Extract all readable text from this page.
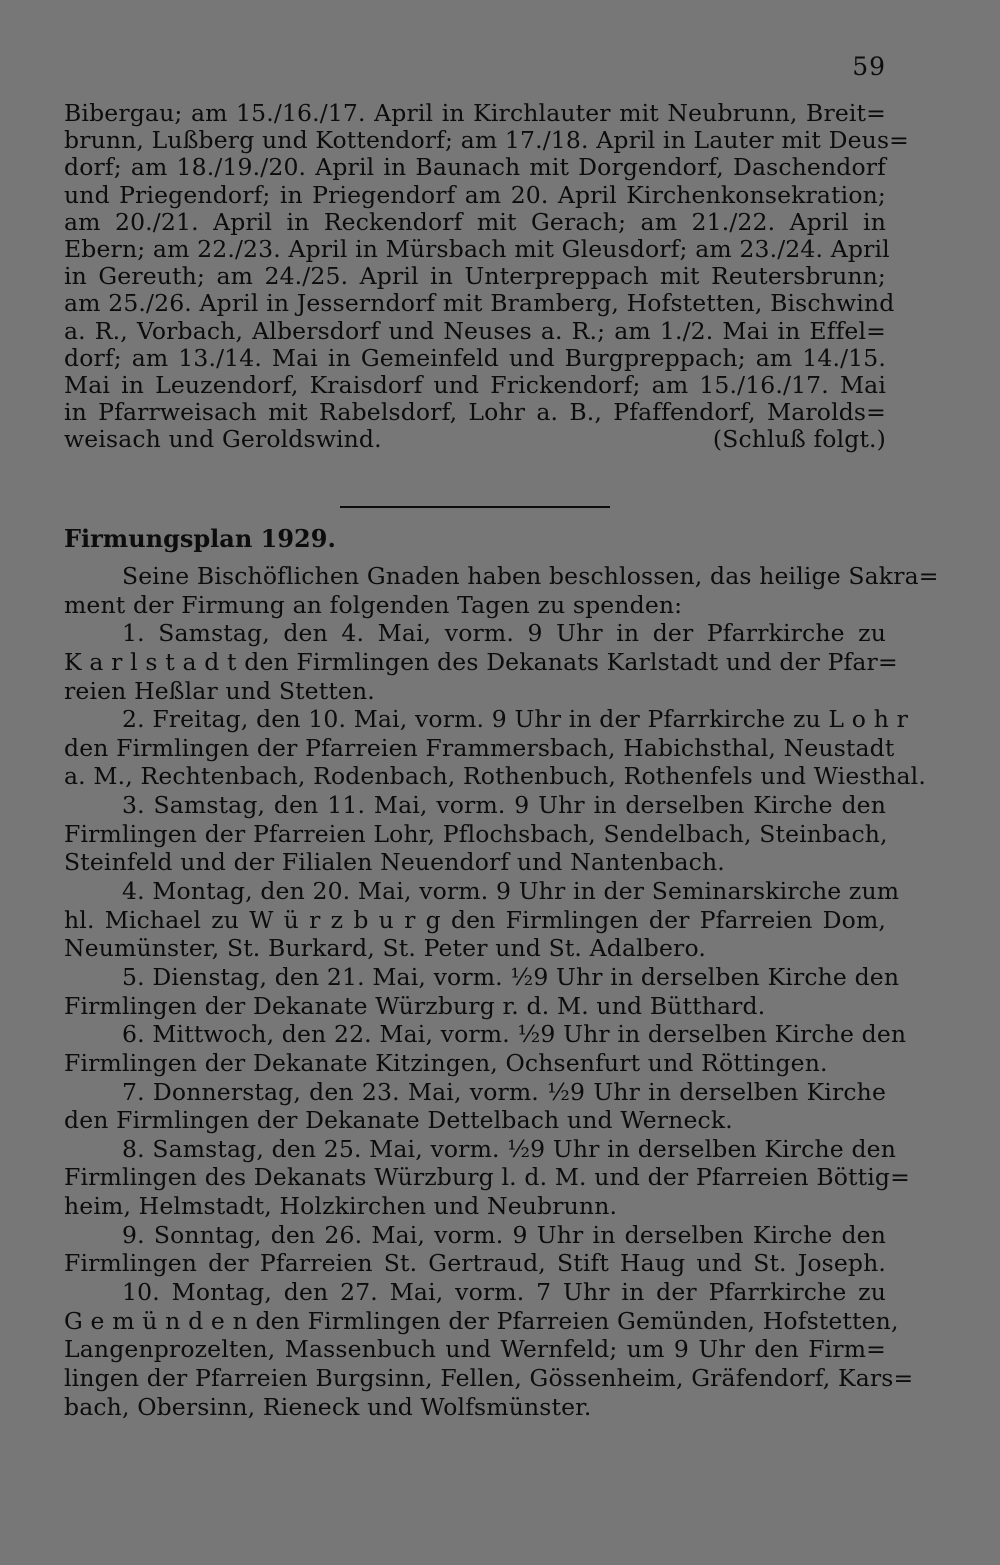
59
Bibergau; am 15./16./17. April in Kirchlauter mit Neubrunn, Breit=
brunn, Lußberg und Kottendorf; am 17./18. April in Lauter mit Deus=
dorf; am 18./19./20. April in Baunach mit Dorgendorf, Daschendorf
und Priegendorf; in Priegendorf am 20. April Kirchenkonsekration;
am 20./21. April in Reckendorf mit Gerach; am 21./22. April in
Ebern; am 22./23. April in Mürsbach mit Gleusdorf; am 23./24. April
in Gereuth; am 24./25. April in Unterpreppach mit Reutersbrunn;
am 25./26. April in Jesserndorf mit Bramberg, Hofstetten, Bischwind
a. R., Vorbach, Albersdorf und Neuses a. R.; am 1./2. Mai in Effel=
dorf; am 13./14. Mai in Gemeinfeld und Burgpreppach; am 14./15.
Mai in Leuzendorf, Kraisdorf und Frickendorf; am 15./16./17. Mai
in Pfarrweisach mit Rabelsdorf, Lohr a. B., Pfaffendorf, Marolds=
weisach und Geroldswind.	(Schluß folgt.)
Firmungsplan 1929.
Seine Bischöflichen Gnaden haben beschlossen, das heilige Sakra=
ment der Firmung an folgenden Tagen zu spenden:
1. Samstag, den 4. Mai, vorm. 9 Uhr in der Pfarrkirche zu
K a r l s t a d t den Firmlingen des Dekanats Karlstadt und der Pfar=
reien Heßlar und Stetten.
2. Freitag, den 10. Mai, vorm. 9 Uhr in der Pfarrkirche zu L o h r
den Firmlingen der Pfarreien Frammersbach, Habichsthal, Neustadt
a. M., Rechtenbach, Rodenbach, Rothenbuch, Rothenfels und Wiesthal.
3. Samstag, den 11. Mai, vorm. 9 Uhr in derselben Kirche den
Firmlingen der Pfarreien Lohr, Pflochsbach, Sendelbach, Steinbach,
Steinfeld und der Filialen Neuendorf und Nantenbach.
4. Montag, den 20. Mai, vorm. 9 Uhr in der Seminarskirche zum
hl. Michael zu W ü r z b u r g den Firmlingen der Pfarreien Dom,
Neumünster, St. Burkard, St. Peter und St. Adalbero.
5. Dienstag, den 21. Mai, vorm. ½9 Uhr in derselben Kirche den
Firmlingen der Dekanate Würzburg r. d. M. und Bütthard.
6. Mittwoch, den 22. Mai, vorm. ½9 Uhr in derselben Kirche den
Firmlingen der Dekanate Kitzingen, Ochsenfurt und Röttingen.
7. Donnerstag, den 23. Mai, vorm. ½9 Uhr in derselben Kirche
den Firmlingen der Dekanate Dettelbach und Werneck.
8. Samstag, den 25. Mai, vorm. ½9 Uhr in derselben Kirche den
Firmlingen des Dekanats Würzburg l. d. M. und der Pfarreien Böttig=
heim, Helmstadt, Holzkirchen und Neubrunn.
9. Sonntag, den 26. Mai, vorm. 9 Uhr in derselben Kirche den
Firmlingen der Pfarreien St. Gertraud, Stift Haug und St. Joseph.
10. Montag, den 27. Mai, vorm. 7 Uhr in der Pfarrkirche zu
G e m ü n d e n den Firmlingen der Pfarreien Gemünden, Hofstetten,
Langenprozelten, Massenbuch und Wernfeld; um 9 Uhr den Firm=
lingen der Pfarreien Burgsinn, Fellen, Gössenheim, Gräfendorf, Kars=
bach, Obersinn, Rieneck und Wolfsmünster.
